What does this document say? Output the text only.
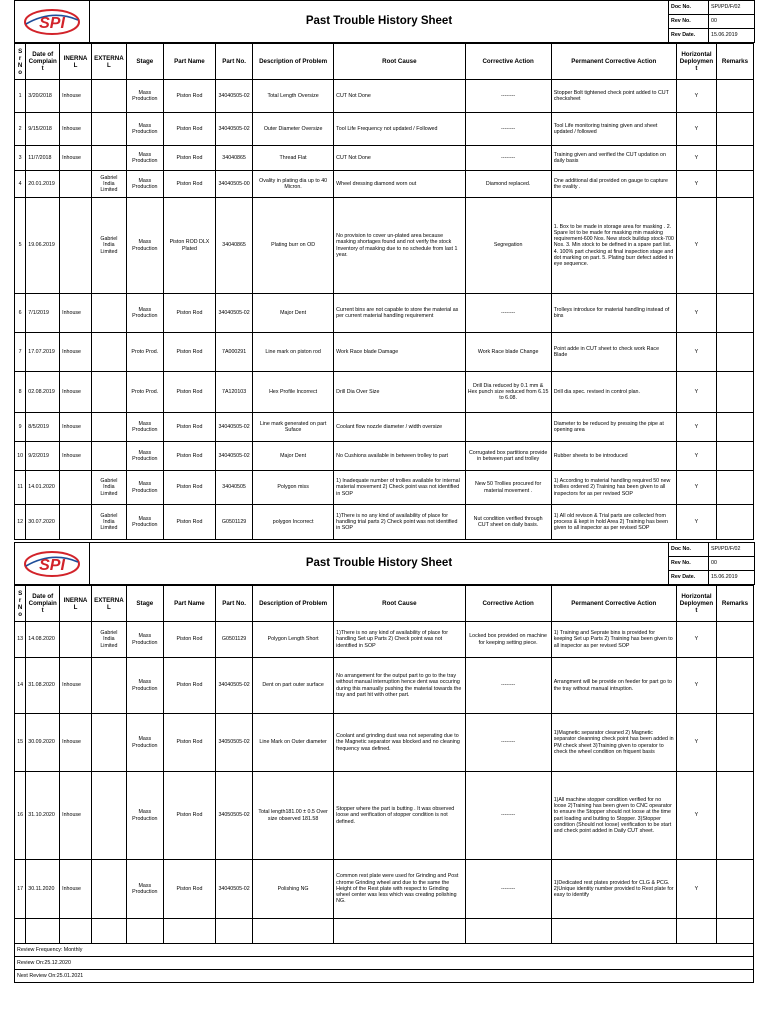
SPI	Past Trouble History Sheet	Doc No.	SPI/PD/F/02
		Rev No.	00
		Rev Date.	15.06.2019
Sr No	Date of Complaint	INERNAL	EXTERNAL	Stage	Part Name	Part No.	Description of Problem	Root Cause	Corrective Action	Permanent Corrective Action	Horizontal Deployment	Remarks
1	3/20/2018	Inhouse		Mass Production	Piston Rod	34040505-02	Total Length Oversize	CUT Not Done	--------	Stopper Bolt tightened check point added to CUT checksheet	Y	
2	9/15/2018	Inhouse		Mass Production	Piston Rod	34040505-02	Outer Diameter Oversize	Tool Life Frequency not updated / Followed	--------	Tool Life monitoring training given and sheet updated / followed	Y	
3	11/7/2018	Inhouse		Mass Production	Piston Rod	34040865	Thread Flat	CUT Not Done	--------	Training given and verified the CUT updation on daily basis	Y	
4	20.01.2019		Gabriel India Limited	Mass Production	Piston Rod	34040505-00	Ovality in plating dia up to 40 Micron.	Wheel dressing diamond worn out	Diamond replaced.	One additional dial provided on gauge to capture the ovality .	Y	
5	19.06.2019		Gabriel India Limited	Mass Production	Piston ROD DLX Plated	34040865	Plating burr on OD	No provision to cover un-plated area because masking shortages found and not verify the stock Inventory of masking due to no schedule from last 1 year.	Segregation	1. Box to be made in storage area for masking . 2. Spare lot to be made for masking min masking requirement-600 Nos. New stock buildup stock-700 Nos. 3. Min stock to be defined in a spare part list. 4. 100% part checking at final inspection stage and dot marking on part. 5. Plating burr defect added in eye sequence.	Y	
6	7/1/2019	Inhouse		Mass Production	Piston Rod	34040505-02	Major Dent	Current bins are not capable to store the material as per current material handling requirement	--------	Trolleys introduce for material handling instead of bins	Y	
7	17.07.2019	Inhouse		Proto Prod.	Piston Rod	7A000291	Line mark on piston rod	Work Race blade Damage	Work Race blade Change	Point adde in CUT sheet to check work Race Blade	Y	
8	02.08.2019	Inhouse		Proto Prod.	Piston Rod	7A120103	Hex Profile Incorrect	Drill Dia Over Size	Drill Dia reduced by 0.1 mm & Hex punch size reduced from 6.15 to 6.08.	Drill dia spec. revised in control plan.	Y	
9	8/5/2019	Inhouse		Mass Production	Piston Rod	34040505-02	Line mark generated on part Suface	Coolant flow nozzle diameter / width oversize		Diameter to be reduced by pressing the pipe at opening area	Y	
10	9/2/2019	Inhouse		Mass Production	Piston Rod	34040505-02	Major Dent	No Cushions available in between trolley to part	Corrugated box partitions provide in between part and trolley	Rubber sheets to be introduced	Y	
11	14.01.2020		Gabriel India Limited	Mass Production	Piston Rod	34040505	Polygon miss	1) Inadequate number of trollies available for internal material movement 2) Check point was not identified in SOP	New 50 Trollies procured for material movement .	1) According to material handling required 50 new trollies ordered 2) Training has been given to all inspectors for as per revised SOP	Y	
12	30.07.2020		Gabriel India Limited	Mass Production	Piston Rod	G0501129	polygon Incorrect	1)There is no any kind of availability of place for handling trial parts 2) Check point was not identified in SOP	Nut condition verified through CUT sheet on daily basis.	1) All old revison & Trial parts are collected from process & kept in hold Area 2) Training has been given to all inspector as per revised SOP	Y	
SPI	Past Trouble History Sheet	Doc No.	SPI/PD/F/02
		Rev No.	00
		Rev Date.	15.06.2019
Sr No	Date of Complaint	INERNAL	EXTERNAL	Stage	Part Name	Part No.	Description of Problem	Root Cause	Corrective Action	Permanent Corrective Action	Horizontal Deployment	Remarks
13	14.08.2020		Gabriel India Limited	Mass Production	Piston Rod	G0501129	Polygon Length Short	1)There is no any kind of availability of place for handling Set up Parts 2) Check point was not identified in SOP	Locked box provided on machine for keeping setting piece.	1) Training and Seprate bins is provided for keeping Set up Parts 2) Training has been given to all inspector as per revised SOP	Y	
14	31.08.2020	Inhouse		Mass Production	Piston Rod	34040505-02	Dent on part outer surface	No arrangement for the output part to go to the tray without manual interruption hence dent was occuring during this manually pushing the material towards the tray and part hit with other part.	--------	Arrangment will be provide on feeder for part go to the tray without manual intruption.	Y	
15	30.09.2020	Inhouse		Mass Production	Piston Rod	34050505-02	Line Mark on Outer diameter	Coolant and grinding dust was not seperating due to the Magnetic separator was blocked and no cleaning frequency was defined.	--------	1)Magnetic separator cleaned 2) Magnetic separator cleanning check point has been added in PM check sheet 3)Training given to operator to check the wheel condition on friquent basis	Y	
16	31.10.2020	Inhouse		Mass Production	Piston Rod	34050505-02	Total length181.00 ± 0.5 Over size observed 181.58	Stopper where the part is butting . It was observed loose and verification of stopper condition is not defined.	--------	1)All machine stopper condition verified for no loose 2)Training has been given to CNC opearator to ensure the Stopper should not loose at the time part loading and butting to Stopper. 3)Stopper condition (Should not loose) verification to be start and check point added in Daily CUT sheet.	Y	
17	30.11.2020	Inhouse		Mass Production	Piston Rod	34040505-02	Polishing NG	Common rest plate were used for Grinding and Post chrome Grinding wheel and due to the same the Height of the Rest plate with respect to Grinding wheel center was less which was creating polishing NG.	--------	1)Dedicated rest plates provided for CLG & PCG. 2)Unique identity number provided to Rest plate for easy to identify	Y	

Review Frequency: Monthly												
Review On:25.12.2020												
Next Review On:25.01.2021												
